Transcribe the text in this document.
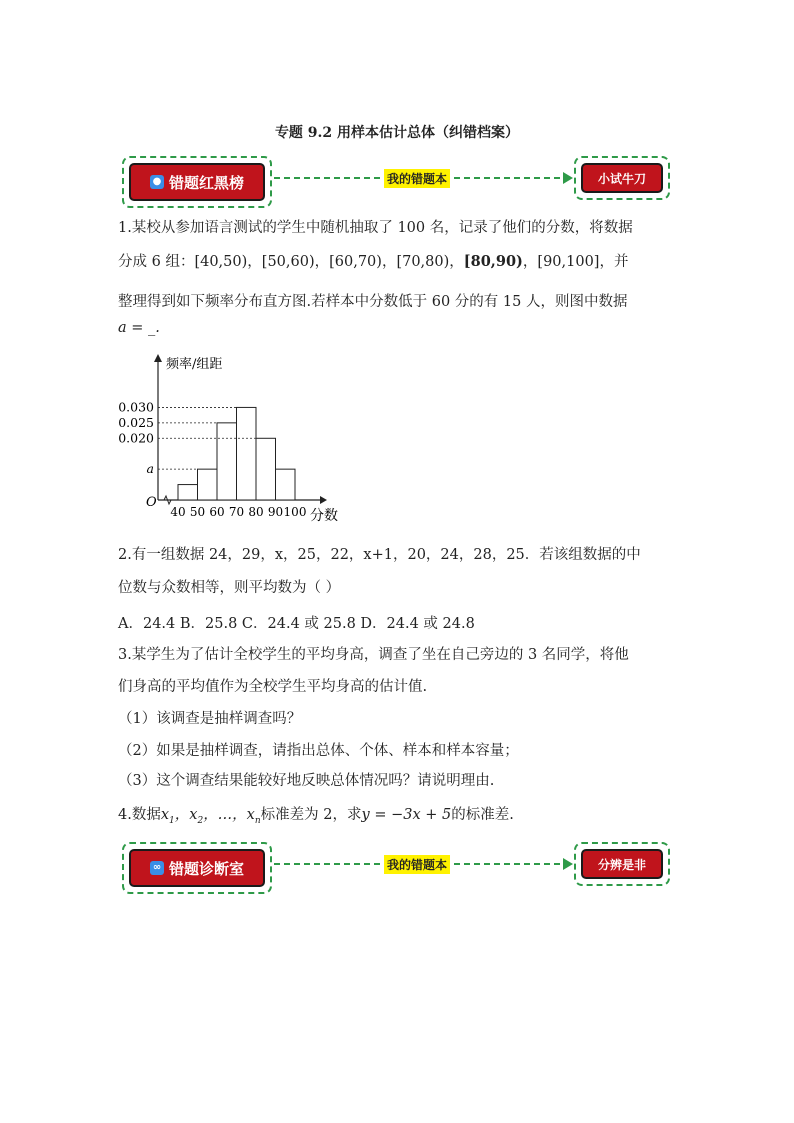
专题 9.2 用样本估计总体（纠错档案）
● 错题红黑榜	我的错题本	小试牛刀
1.某校从参加语言测试的学生中随机抽取了 100 名，记录了他们的分数，将数据
分成 6 组：[40,50)，[50,60)，[60,70)，[70,80)，[80,90)，[90,100]，并
整理得到如下频率分布直方图.若样本中分数低于 60 分的有 15 人，则图中数据
a = _.
频率/组距
分数
O
40 50 60 70 80 90 100
0.030
0.025
0.020
a
2.有一组数据 24，29，x，25，22，x+1，20，24，28，25．若该组数据的中
位数与众数相等，则平均数为（ ）
A．24.4 B．25.8 C．24.4 或 25.8 D．24.4 或 24.8
3.某学生为了估计全校学生的平均身高，调查了坐在自己旁边的 3 名同学，将他
们身高的平均值作为全校学生平均身高的估计值.
（1）该调查是抽样调查吗？
（2）如果是抽样调查，请指出总体、个体、样本和样本容量；
（3）这个调查结果能较好地反映总体情况吗？请说明理由.
4.数据$x_1$，$x_2$，…，$x_n$标准差为 2，求y = −3x + 5的标准差.
∞ 错题诊断室	我的错题本	分辨是非
